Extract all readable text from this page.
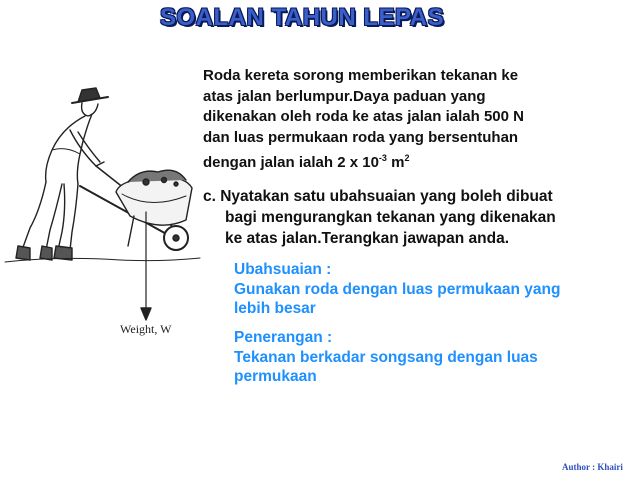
SOALAN TAHUN LEPAS
Weight, W
Roda kereta sorong memberikan tekanan ke
atas jalan berlumpur.Daya paduan yang
dikenakan oleh roda ke atas jalan ialah 500 N
dan luas permukaan roda yang bersentuhan
dengan jalan ialah 2 x $10^{-3}$ $m^2$
c. Nyatakan satu ubahsuaian yang boleh dibuat
bagi mengurangkan tekanan yang dikenakan
ke atas jalan.Terangkan jawapan anda.
Ubahsuaian :
Gunakan roda dengan luas permukaan yang
lebih besar
Penerangan :
Tekanan berkadar songsang dengan luas
permukaan
Author : Khairi
